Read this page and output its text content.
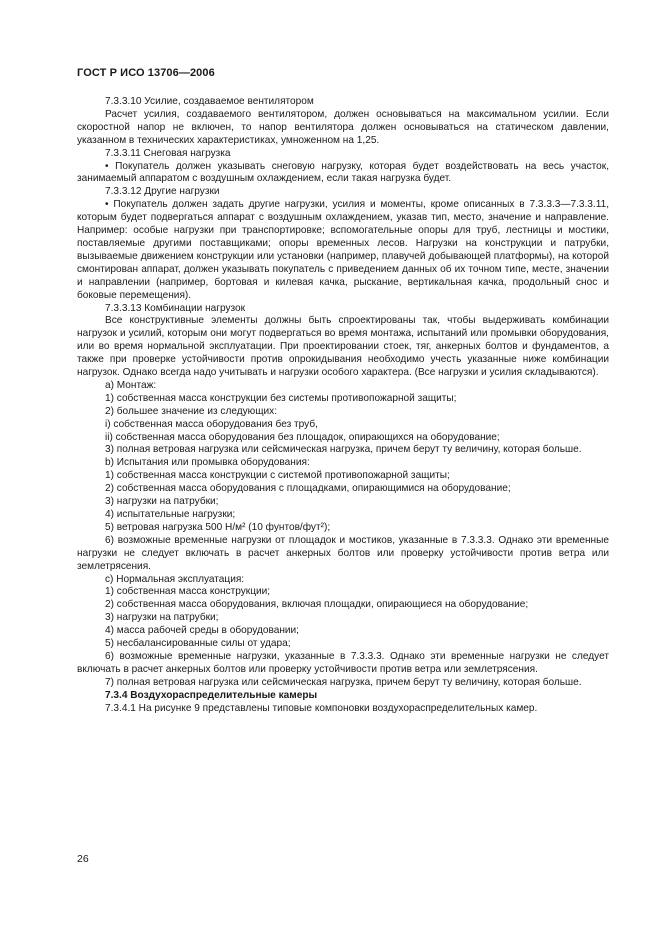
ГОСТ Р ИСО 13706—2006

7.3.3.10 Усилие, создаваемое вентилятором

Расчет усилия, создаваемого вентилятором, должен основываться на максимальном усилии. Если скоростной напор не включен, то напор вентилятора должен основываться на статическом давлении, указанном в технических характеристиках, умноженном на 1,25.

7.3.3.11 Снеговая нагрузка

• Покупатель должен указывать снеговую нагрузку, которая будет воздействовать на весь участок, занимаемый аппаратом с воздушным охлаждением, если такая нагрузка будет.

7.3.3.12 Другие нагрузки

• Покупатель должен задать другие нагрузки, усилия и моменты, кроме описанных в 7.3.3.3—7.3.3.11, которым будет подвергаться аппарат с воздушным охлаждением, указав тип, место, значение и направление. Например: особые нагрузки при транспортировке; вспомогательные опоры для труб, лестницы и мостики, поставляемые другими поставщиками; опоры временных лесов. Нагрузки на конструкции и патрубки, вызываемые движением конструкции или установки (например, плавучей добывающей платформы), на которой смонтирован аппарат, должен указывать покупатель с приведением данных об их точном типе, месте, значении и направлении (например, бортовая и килевая качка, рыскание, вертикальная качка, продольный снос и боковые перемещения).

7.3.3.13 Комбинации нагрузок

Все конструктивные элементы должны быть спроектированы так, чтобы выдерживать комбинации нагрузок и усилий, которым они могут подвергаться во время монтажа, испытаний или промывки оборудования, или во время нормальной эксплуатации. При проектировании стоек, тяг, анкерных болтов и фундаментов, а также при проверке устойчивости против опрокидывания необходимо учесть указанные ниже комбинации нагрузок. Однако всегда надо учитывать и нагрузки особого характера. (Все нагрузки и усилия складываются).

a) Монтаж:

1) собственная масса конструкции без системы противопожарной защиты;

2) большее значение из следующих:

i) собственная масса оборудования без труб,

ii) собственная масса оборудования без площадок, опирающихся на оборудование;

3) полная ветровая нагрузка или сейсмическая нагрузка, причем берут ту величину, которая больше.

b) Испытания или промывка оборудования:

1) собственная масса конструкции с системой противопожарной защиты;

2) собственная масса оборудования с площадками, опирающимися на оборудование;

3) нагрузки на патрубки;

4) испытательные нагрузки;

5) ветровая нагрузка 500 Н/м² (10 фунтов/фут²);

6) возможные временные нагрузки от площадок и мостиков, указанные в 7.3.3.3. Однако эти временные нагрузки не следует включать в расчет анкерных болтов или проверку устойчивости против ветра или землетрясения.

c) Нормальная эксплуатация:

1) собственная масса конструкции;

2) собственная масса оборудования, включая площадки, опирающиеся на оборудование;

3) нагрузки на патрубки;

4) масса рабочей среды в оборудовании;

5) несбалансированные силы от удара;

6) возможные временные нагрузки, указанные в 7.3.3.3. Однако эти временные нагрузки не следует включать в расчет анкерных болтов или проверку устойчивости против ветра или землетрясения.

7) полная ветровая нагрузка или сейсмическая нагрузка, причем берут ту величину, которая больше.

7.3.4 Воздухораспределительные камеры

7.3.4.1 На рисунке 9 представлены типовые компоновки воздухораспределительных камер.

26
